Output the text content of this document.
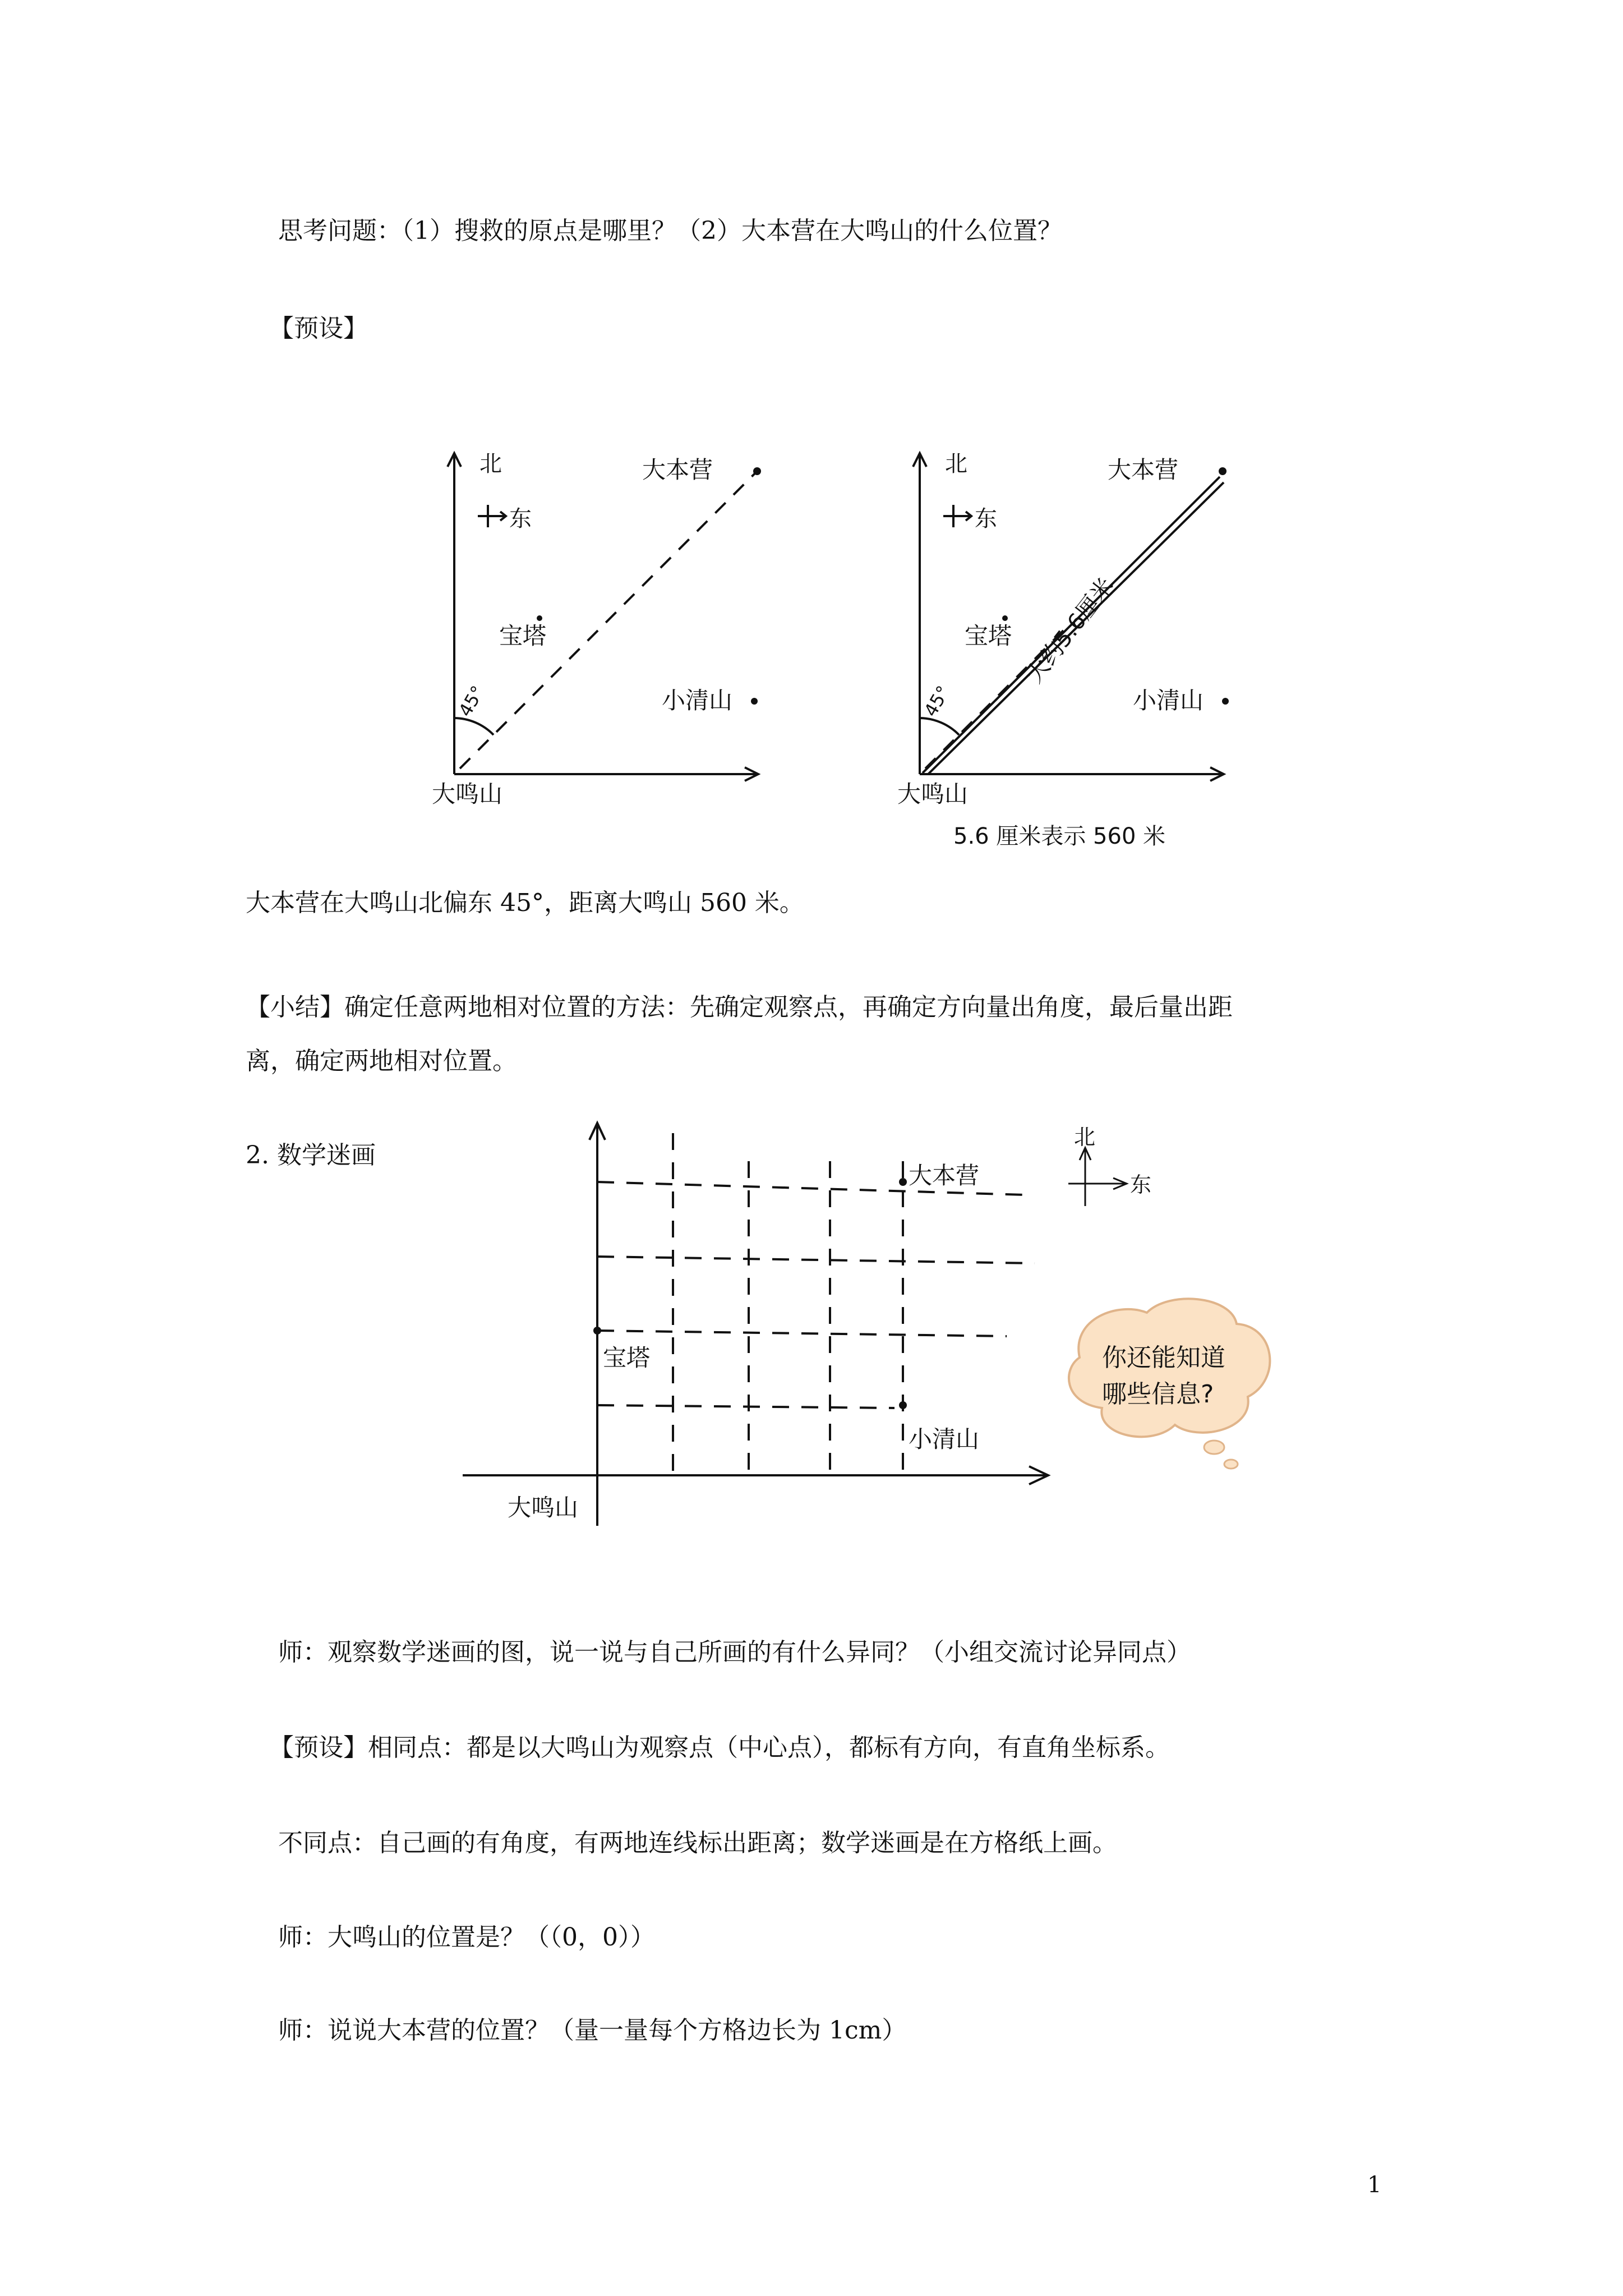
思考问题：（1）搜救的原点是哪里？（2）大本营在大鸣山的什么位置？
【预设】
北
东
大本营
宝塔
小清山
大鸣山
45°
北
东
大本营
宝塔
小清山
大鸣山
45°
大约5.6厘米
5.6 厘米表示 560 米
大本营在大鸣山北偏东 45°，距离大鸣山 560 米。
【小结】确定任意两地相对位置的方法：先确定观察点，再确定方向量出角度，最后量出距
离，确定两地相对位置。
2. 数学迷画
大本营
宝塔
小清山
大鸣山
北
东
你还能知道
哪些信息?
师：观察数学迷画的图，说一说与自己所画的有什么异同？（小组交流讨论异同点）
【预设】相同点：都是以大鸣山为观察点（中心点），都标有方向，有直角坐标系。
不同点：自己画的有角度，有两地连线标出距离；数学迷画是在方格纸上画。
师：大鸣山的位置是？（（0，0））
师：说说大本营的位置？（量一量每个方格边长为 1cm）
1
